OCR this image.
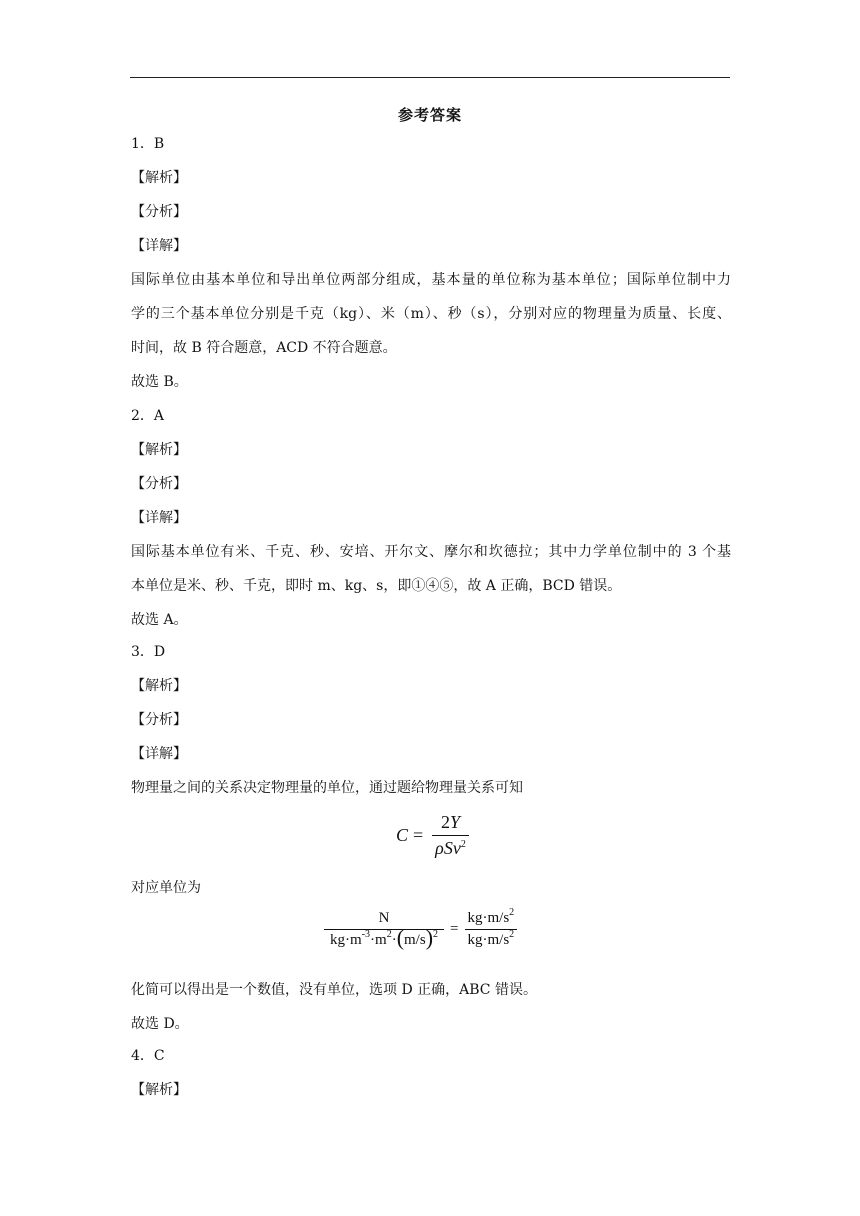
参考答案
1．B
【解析】
【分析】
【详解】
国际单位由基本单位和导出单位两部分组成，基本量的单位称为基本单位；国际单位制中力
学的三个基本单位分别是千克（kg）、米（m）、秒（s），分别对应的物理量为质量、长度、
时间，故 B 符合题意，ACD 不符合题意。
故选 B。
2．A
【解析】
【分析】
【详解】
国际基本单位有米、千克、秒、安培、开尔文、摩尔和坎德拉；其中力学单位制中的 3 个基
本单位是米、秒、千克，即时 m、kg、s，即①④⑤，故 A 正确，BCD 错误。
故选 A。
3．D
【解析】
【分析】
【详解】
物理量之间的关系决定物理量的单位，通过题给物理量关系可知
$C = \frac{2Y}{\rho Sv^2}$
对应单位为
$\frac{N}{kg\cdot m^{-3}\cdot m^2\cdot(m/s)^2} = \frac{kg\cdot m/s^2}{kg\cdot m/s^2}$
化简可以得出是一个数值，没有单位，选项 D 正确，ABC 错误。
故选 D。
4．C
【解析】
